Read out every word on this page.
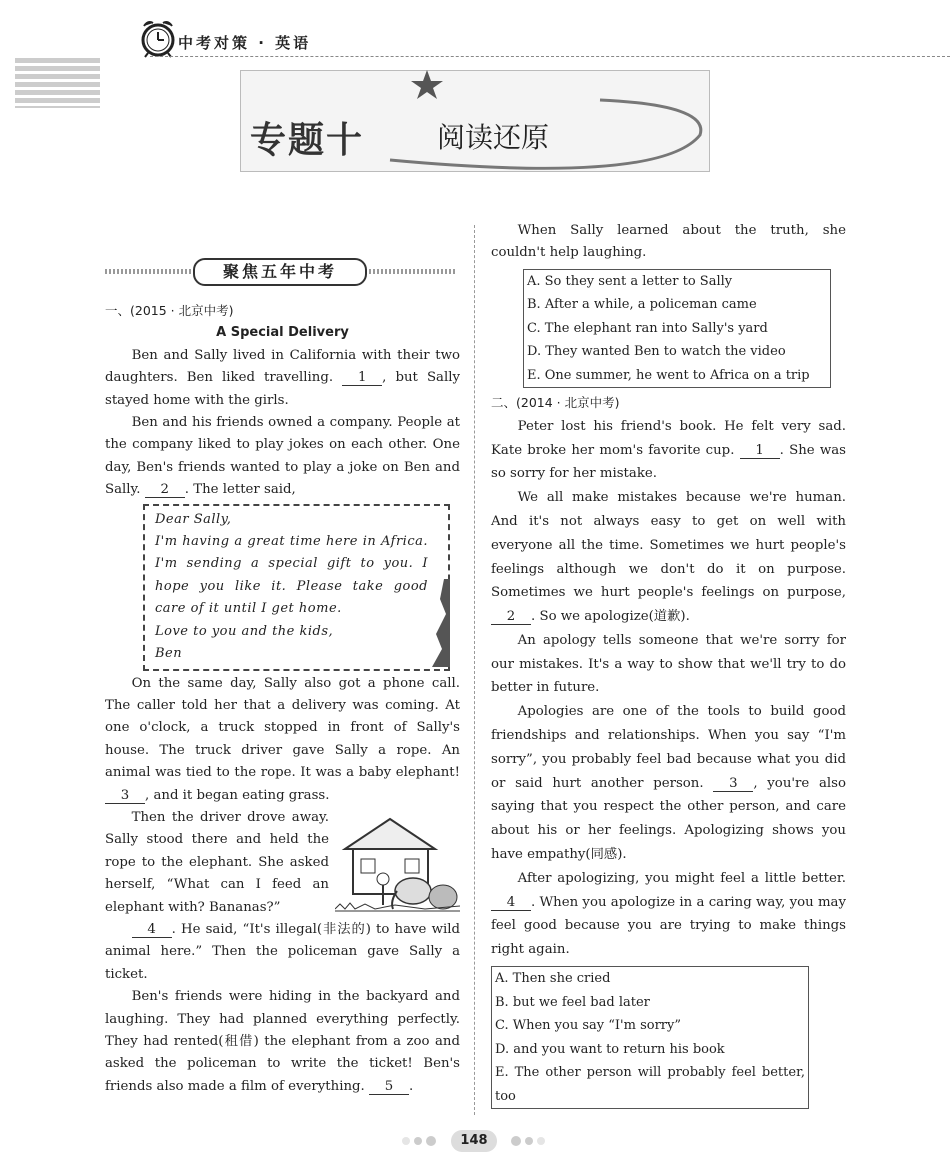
中考对策 · 英语
专题十	阅读还原
聚焦五年中考
一、(2015 · 北京中考)
A Special Delivery

Ben and Sally lived in California with their two daughters. Ben liked travelling. 1 , but Sally stayed home with the girls.

Ben and his friends owned a company. People at the company liked to play jokes on each other. One day, Ben's friends wanted to play a joke on Ben and Sally. 2 . The letter said,

Dear Sally,
I'm having a great time here in Africa. I'm sending a special gift to you. I hope you like it. Please take good care of it until I get home.
Love to you and the kids,
Ben

On the same day, Sally also got a phone call. The caller told her that a delivery was coming. At one o'clock, a truck stopped in front of Sally's house. The truck driver gave Sally a rope. An animal was tied to the rope. It was a baby elephant! 3 , and it began eating grass.

Then the driver drove away. Sally stood there and held the rope to the elephant. She asked herself, “What can I feed an elephant with? Bananas?”

4 . He said, “It's illegal(非法的) to have wild animal here.” Then the policeman gave Sally a ticket.

Ben's friends were hiding in the backyard and laughing. They had planned everything perfectly. They had rented(租借) the elephant from a zoo and asked the policeman to write the ticket! Ben's friends also made a film of everything. 5 .

When Sally learned about the truth, she couldn't help laughing.

A. So they sent a letter to Sally
B. After a while, a policeman came
C. The elephant ran into Sally's yard
D. They wanted Ben to watch the video
E. One summer, he went to Africa on a trip
二、(2014 · 北京中考)

Peter lost his friend's book. He felt very sad. Kate broke her mom's favorite cup. 1 . She was so sorry for her mistake.

We all make mistakes because we're human. And it's not always easy to get on well with everyone all the time. Sometimes we hurt people's feelings although we don't do it on purpose. Sometimes we hurt people's feelings on purpose, 2 . So we apologize(道歉).

An apology tells someone that we're sorry for our mistakes. It's a way to show that we'll try to do better in future.

Apologies are one of the tools to build good friendships and relationships. When you say “I'm sorry”, you probably feel bad because what you did or said hurt another person. 3 , you're also saying that you respect the other person, and care about his or her feelings. Apologizing shows you have empathy(同感).

After apologizing, you might feel a little better. 4 . When you apologize in a caring way, you may feel good because you are trying to make things right again.

A. Then she cried
B. but we feel bad later
C. When you say “I'm sorry”
D. and you want to return his book
E. The other person will probably feel better, too
148
